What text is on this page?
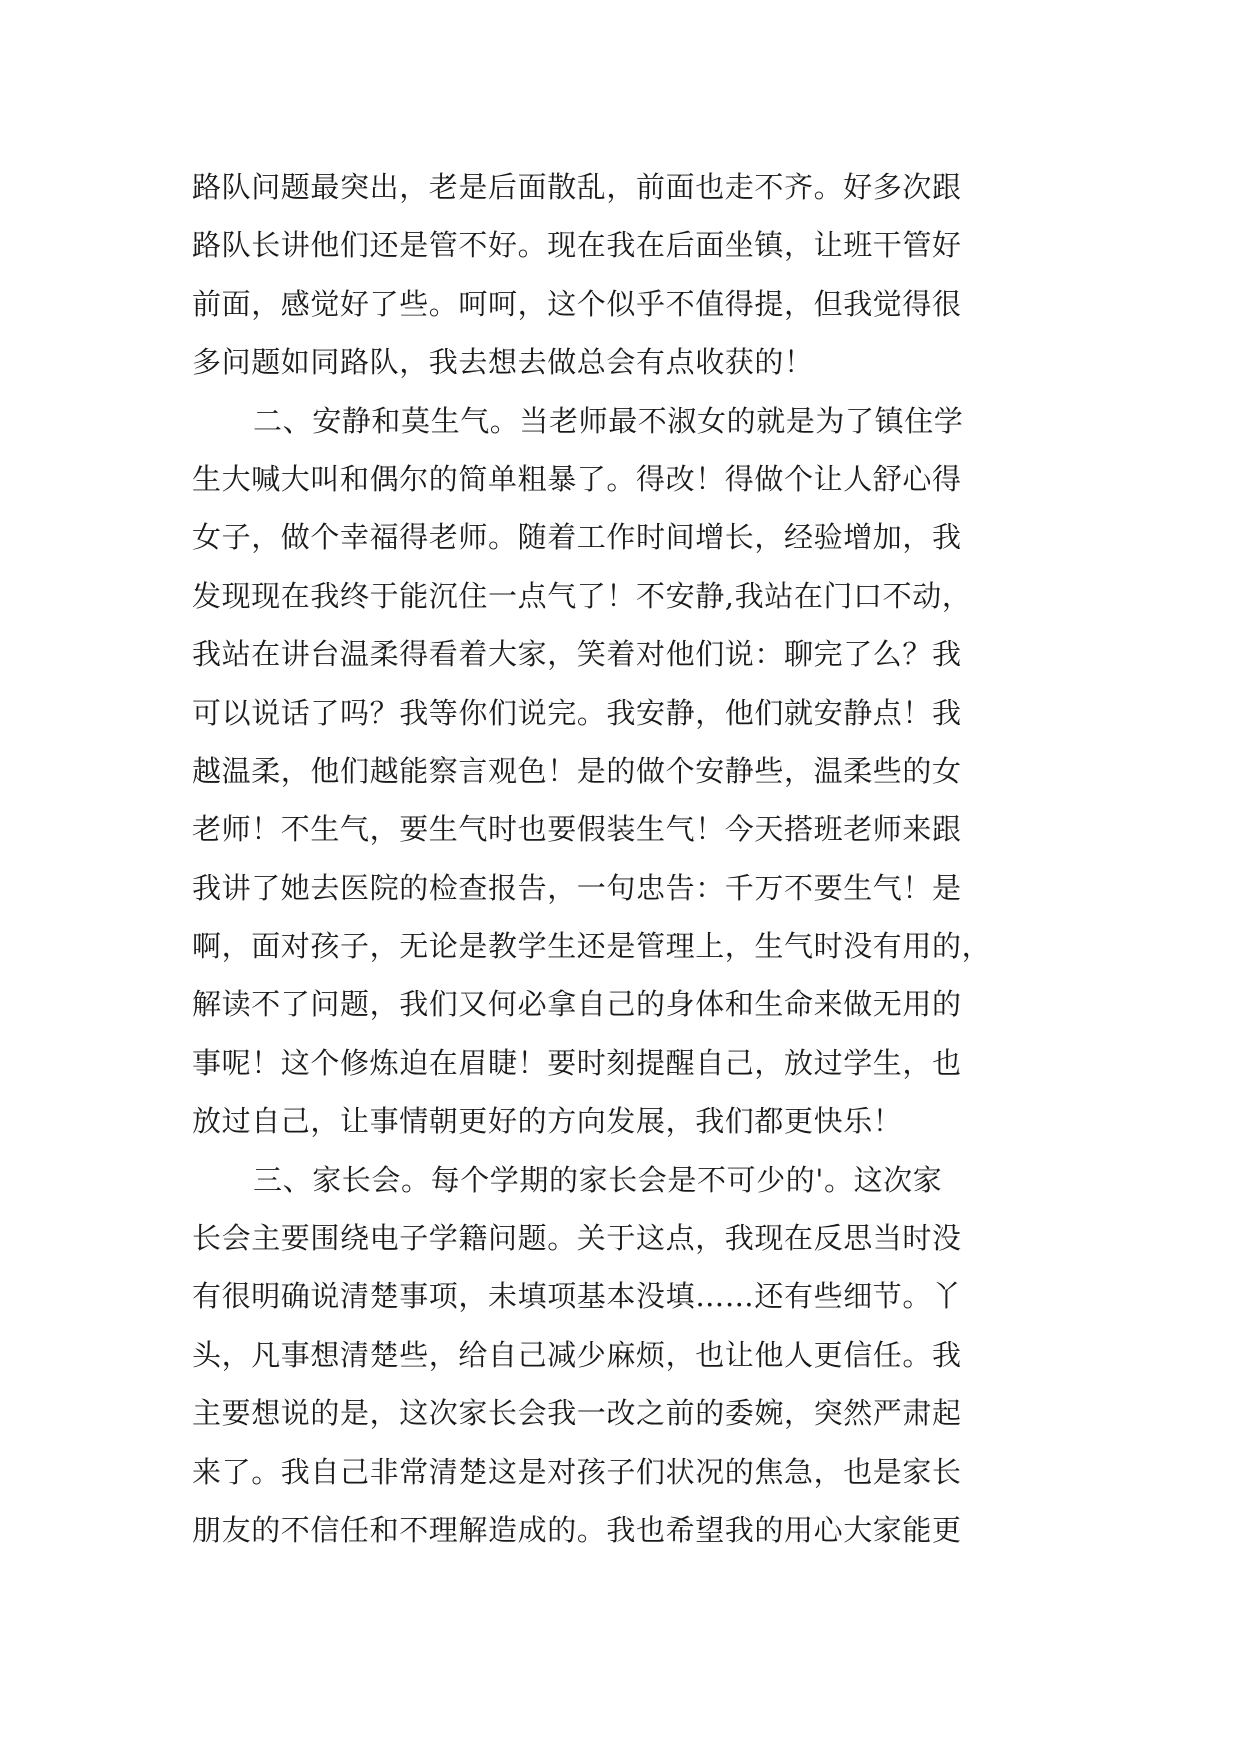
路队问题最突出，老是后面散乱，前面也走不齐。好多次跟
路队长讲他们还是管不好。现在我在后面坐镇，让班干管好
前面，感觉好了些。呵呵，这个似乎不值得提，但我觉得很
多问题如同路队，我去想去做总会有点收获的！
二、安静和莫生气。当老师最不淑女的就是为了镇住学
生大喊大叫和偶尔的简单粗暴了。得改！得做个让人舒心得
女子，做个幸福得老师。随着工作时间增长，经验增加，我
发现现在我终于能沉住一点气了！不安静,我站在门口不动，
我站在讲台温柔得看着大家，笑着对他们说：聊完了么？我
可以说话了吗？我等你们说完。我安静，他们就安静点！我
越温柔，他们越能察言观色！是的做个安静些，温柔些的女
老师！不生气，要生气时也要假装生气！今天搭班老师来跟
我讲了她去医院的检查报告，一句忠告：千万不要生气！是
啊，面对孩子，无论是教学生还是管理上，生气时没有用的，
解读不了问题，我们又何必拿自己的身体和生命来做无用的
事呢！这个修炼迫在眉睫！要时刻提醒自己，放过学生，也
放过自己，让事情朝更好的方向发展，我们都更快乐！
三、家长会。每个学期的家长会是不可少的'。这次家
长会主要围绕电子学籍问题。关于这点，我现在反思当时没
有很明确说清楚事项，未填项基本没填……还有些细节。丫
头，凡事想清楚些，给自己减少麻烦，也让他人更信任。我
主要想说的是，这次家长会我一改之前的委婉，突然严肃起
来了。我自己非常清楚这是对孩子们状况的焦急，也是家长
朋友的不信任和不理解造成的。我也希望我的用心大家能更
